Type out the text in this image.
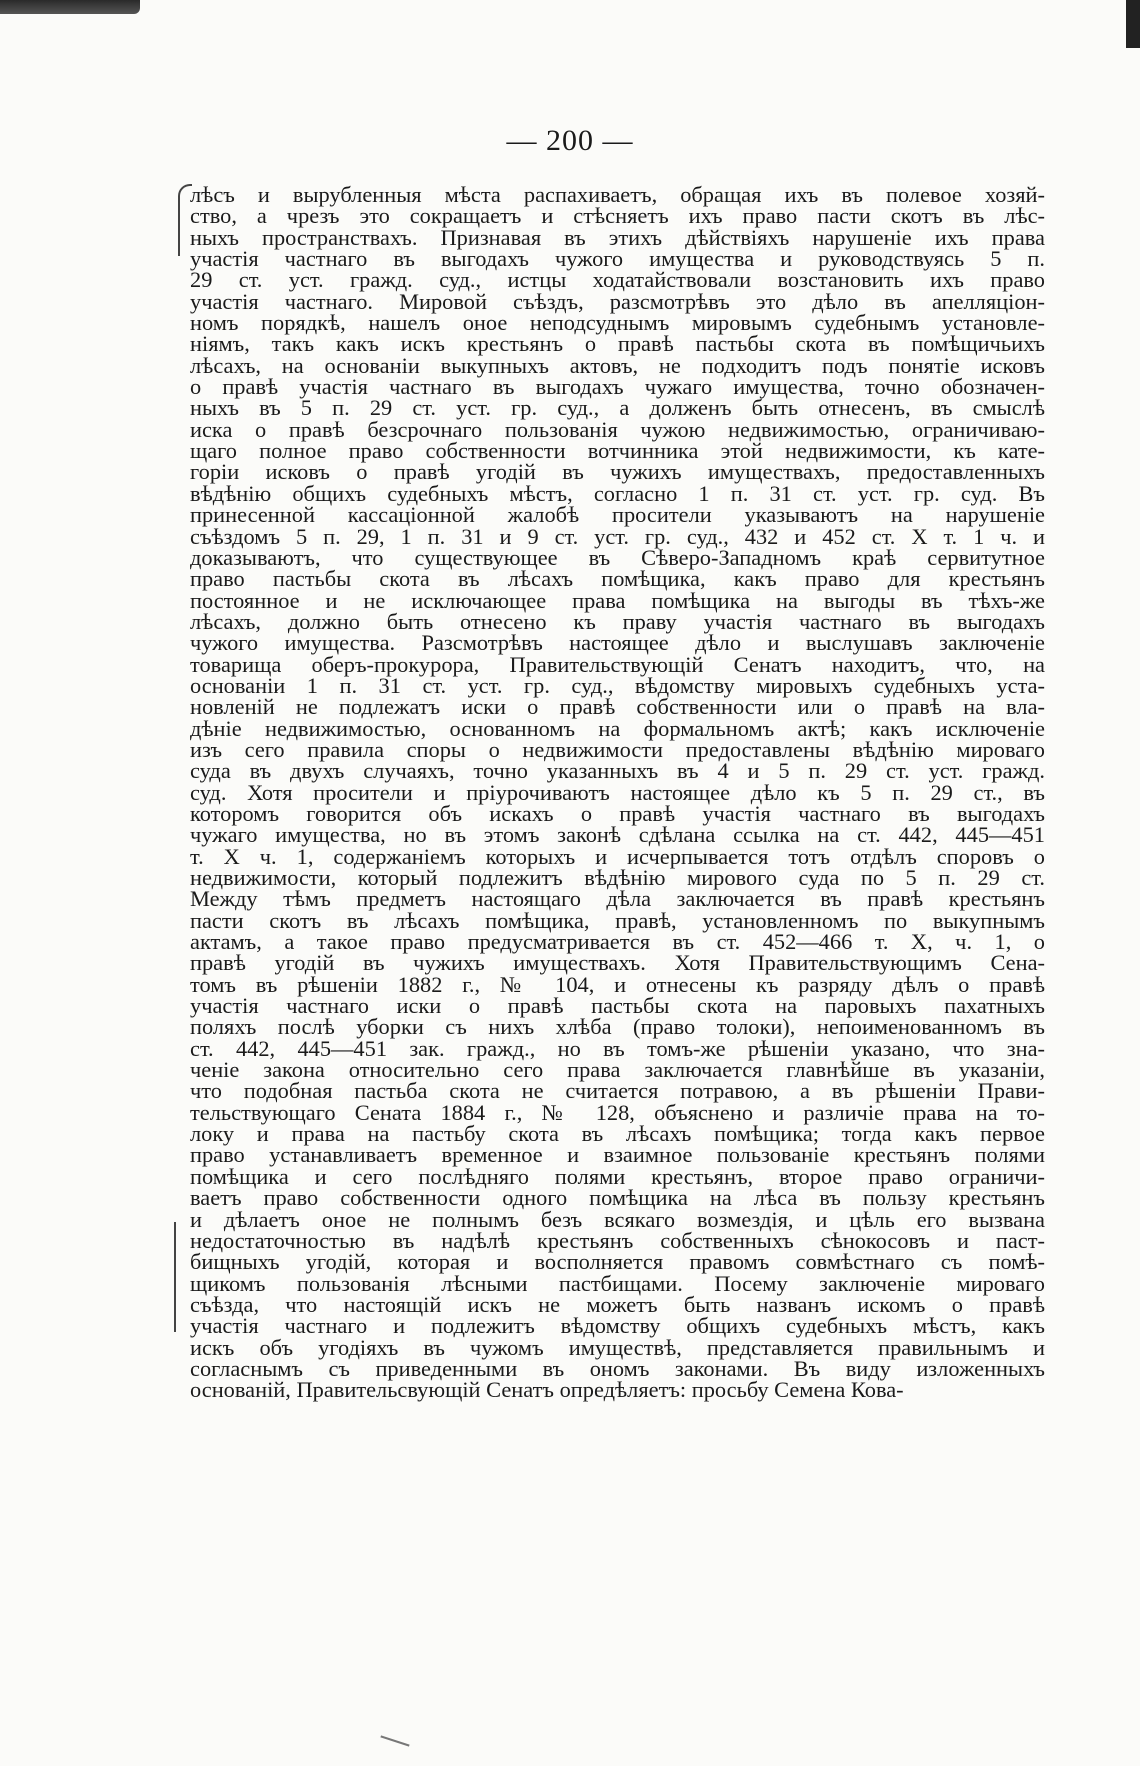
— 200 —
лѣсъ и вырубленныя мѣста распахиваетъ, обращая ихъ въ полевое хозяй-
ство, а чрезъ это сокращаетъ и стѣсняетъ ихъ право пасти скотъ въ лѣс-
ныхъ пространствахъ. Признавая въ этихъ дѣйствіяхъ нарушеніе ихъ права
участія частнаго въ выгодахъ чужого имущества и руководствуясь 5 п.
29 ст. уст. гражд. суд., истцы ходатайствовали возстановить ихъ право
участія частнаго. Мировой съѣздъ, разсмотрѣвъ это дѣло въ апелляціон-
номъ порядкѣ, нашелъ оное неподсуднымъ мировымъ судебнымъ установле-
ніямъ, такъ какъ искъ крестьянъ о правѣ пастьбы скота въ помѣщичьихъ
лѣсахъ, на основаніи выкупныхъ актовъ, не подходитъ подъ понятіе исковъ
о правѣ участія частнаго въ выгодахъ чужаго имущества, точно обозначен-
ныхъ въ 5 п. 29 ст. уст. гр. суд., а долженъ быть отнесенъ, въ смыслѣ
иска о правѣ безсрочнаго пользованія чужою недвижимостью, ограничиваю-
щаго полное право собственности вотчинника этой недвижимости, къ кате-
горіи исковъ о правѣ угодій въ чужихъ имуществахъ, предоставленныхъ
вѣдѣнію общихъ судебныхъ мѣстъ, согласно 1 п. 31 ст. уст. гр. суд. Въ
принесенной кассаціонной жалобѣ просители указываютъ на нарушеніе
съѣздомъ 5 п. 29, 1 п. 31 и 9 ст. уст. гр. суд., 432 и 452 ст. X т. 1 ч. и
доказываютъ, что существующее въ Сѣверо-Западномъ краѣ сервитутное
право пастьбы скота въ лѣсахъ помѣщика, какъ право для крестьянъ
постоянное и не исключающее права помѣщика на выгоды въ тѣхъ-же
лѣсахъ, должно быть отнесено къ праву участія частнаго въ выгодахъ
чужого имущества. Разсмотрѣвъ настоящее дѣло и выслушавъ заключеніе
товарища оберъ-прокурора, Правительствующій Сенатъ находитъ, что, на
основаніи 1 п. 31 ст. уст. гр. суд., вѣдомству мировыхъ судебныхъ уста-
новленій не подлежатъ иски о правѣ собственности или о правѣ на вла-
дѣніе недвижимостью, основанномъ на формальномъ актѣ; какъ исключеніе
изъ сего правила споры о недвижимости предоставлены вѣдѣнію мироваго
суда въ двухъ случаяхъ, точно указанныхъ въ 4 и 5 п. 29 ст. уст. гражд.
суд. Хотя просители и пріурочиваютъ настоящее дѣло къ 5 п. 29 ст., въ
которомъ говорится объ искахъ о правѣ участія частнаго въ выгодахъ
чужаго имущества, но въ этомъ законѣ сдѣлана ссылка на ст. 442, 445—451
т. X ч. 1, содержаніемъ которыхъ и исчерпывается тотъ отдѣлъ споровъ о
недвижимости, который подлежитъ вѣдѣнію мирового суда по 5 п. 29 ст.
Между тѣмъ предметъ настоящаго дѣла заключается въ правѣ крестьянъ
пасти скотъ въ лѣсахъ помѣщика, правѣ, установленномъ по выкупнымъ
актамъ, а такое право предусматривается въ ст. 452—466 т. X, ч. 1, о
правѣ угодій въ чужихъ имуществахъ. Хотя Правительствующимъ Сена-
томъ въ рѣшеніи 1882 г., № 104, и отнесены къ разряду дѣлъ о правѣ
участія частнаго иски о правѣ пастьбы скота на паровыхъ пахатныхъ
поляхъ послѣ уборки съ нихъ хлѣба (право толоки), непоименованномъ въ
ст. 442, 445—451 зак. гражд., но въ томъ-же рѣшеніи указано, что зна-
ченіе закона относительно сего права заключается главнѣйше въ указаніи,
что подобная пастьба скота не считается потравою, а въ рѣшеніи Прави-
тельствующаго Сената 1884 г., № 128, объяснено и различіе права на то-
локу и права на пастьбу скота въ лѣсахъ помѣщика; тогда какъ первое
право устанавливаетъ временное и взаимное пользованіе крестьянъ полями
помѣщика и сего послѣдняго полями крестьянъ, второе право ограничи-
ваетъ право собственности одного помѣщика на лѣса въ пользу крестьянъ
и дѣлаетъ оное не полнымъ безъ всякаго возмездія, и цѣль его вызвана
недостаточностью въ надѣлѣ крестьянъ собственныхъ сѣнокосовъ и паст-
бищныхъ угодій, которая и восполняется правомъ совмѣстнаго съ помѣ-
щикомъ пользованія лѣсными пастбищами. Посему заключеніе мироваго
съѣзда, что настоящій искъ не можетъ быть названъ искомъ о правѣ
участія частнаго и подлежитъ вѣдомству общихъ судебныхъ мѣстъ, какъ
искъ объ угодіяхъ въ чужомъ имуществѣ, представляется правильнымъ и
согласнымъ съ приведенными въ ономъ законами. Въ виду изложенныхъ
основаній, Правительсвующій Сенатъ опредѣляетъ: просьбу Семена Кова-
